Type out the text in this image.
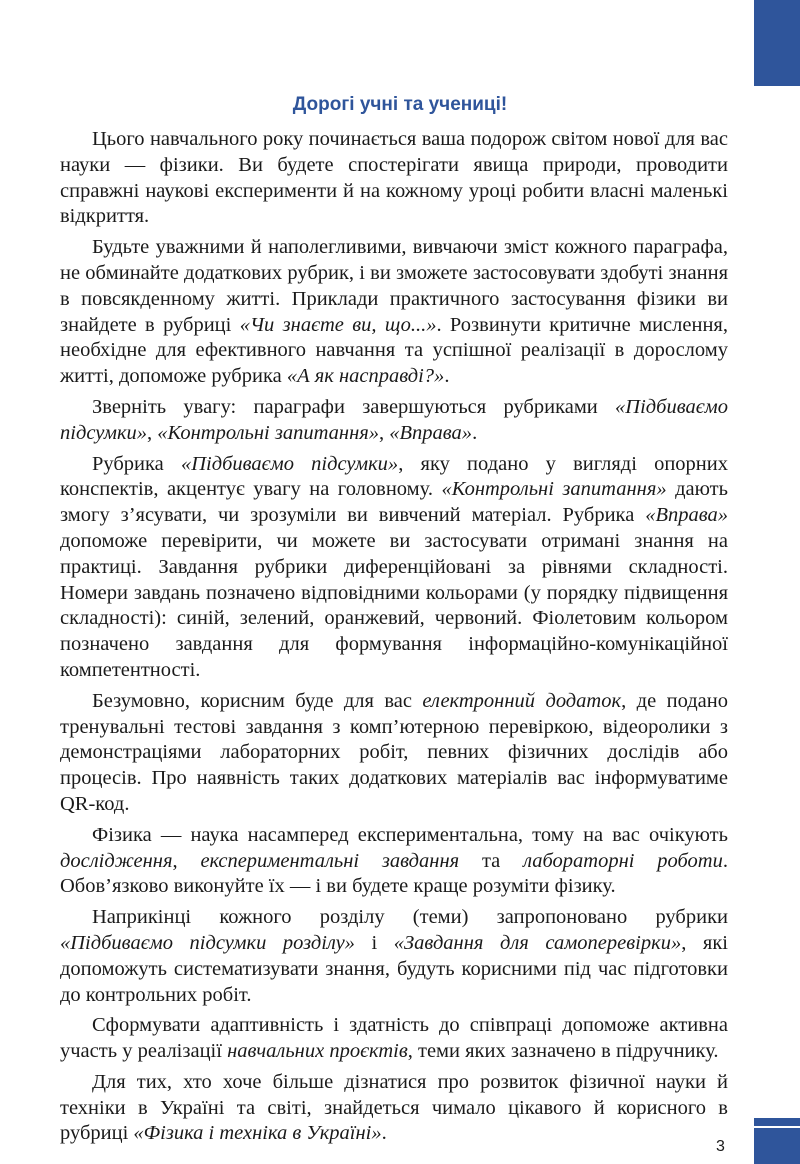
Дорогі учні та учениці!

Цього навчального року починається ваша подорож світом нової для вас науки — фізики. Ви будете спостерігати явища природи, проводити справжні наукові експерименти й на кожному уроці робити власні маленькі відкриття.

Будьте уважними й наполегливими, вивчаючи зміст кожного параграфа, не обминайте додаткових рубрик, і ви зможете застосовувати здобуті знання в повсякденному житті. Приклади практичного застосування фізики ви знайдете в рубриці «Чи знаєте ви, що...». Розвинути критичне мислення, необхідне для ефективного навчання та успішної реалізації в дорослому житті, допоможе рубрика «А як насправді?».

Зверніть увагу: параграфи завершуються рубриками «Підбиваємо підсумки», «Контрольні запитання», «Вправа».

Рубрика «Підбиваємо підсумки», яку подано у вигляді опорних конспектів, акцентує увагу на головному. «Контрольні запитання» дають змогу з’ясувати, чи зрозуміли ви вивчений матеріал. Рубрика «Вправа» допоможе перевірити, чи можете ви застосувати отримані знання на практиці. Завдання рубрики диференційовані за рівнями складності. Номери завдань позначено відповідними кольорами (у порядку підвищення складності): синій, зелений, оранжевий, червоний. Фіолетовим кольором позначено завдання для формування інформаційно-комунікаційної компетентності.

Безумовно, корисним буде для вас електронний додаток, де подано тренувальні тестові завдання з комп’ютерною перевіркою, відеоролики з демонстраціями лабораторних робіт, певних фізичних дослідів або процесів. Про наявність таких додаткових матеріалів вас інформуватиме QR-код.

Фізика — наука насамперед експериментальна, тому на вас очікують дослідження, експериментальні завдання та лабораторні роботи. Обов’язково виконуйте їх — і ви будете краще розуміти фізику.

Наприкінці кожного розділу (теми) запропоновано рубрики «Підбиваємо підсумки розділу» і «Завдання для самоперевірки», які допоможуть систематизувати знання, будуть корисними під час підготовки до контрольних робіт.

Сформувати адаптивність і здатність до співпраці допоможе активна участь у реалізації навчальних проєктів, теми яких зазначено в підручнику.

Для тих, хто хоче більше дізнатися про розвиток фізичної науки й техніки в Україні та світі, знайдеться чимало цікавого й корисного в рубриці «Фізика і техніка в Україні».

3
